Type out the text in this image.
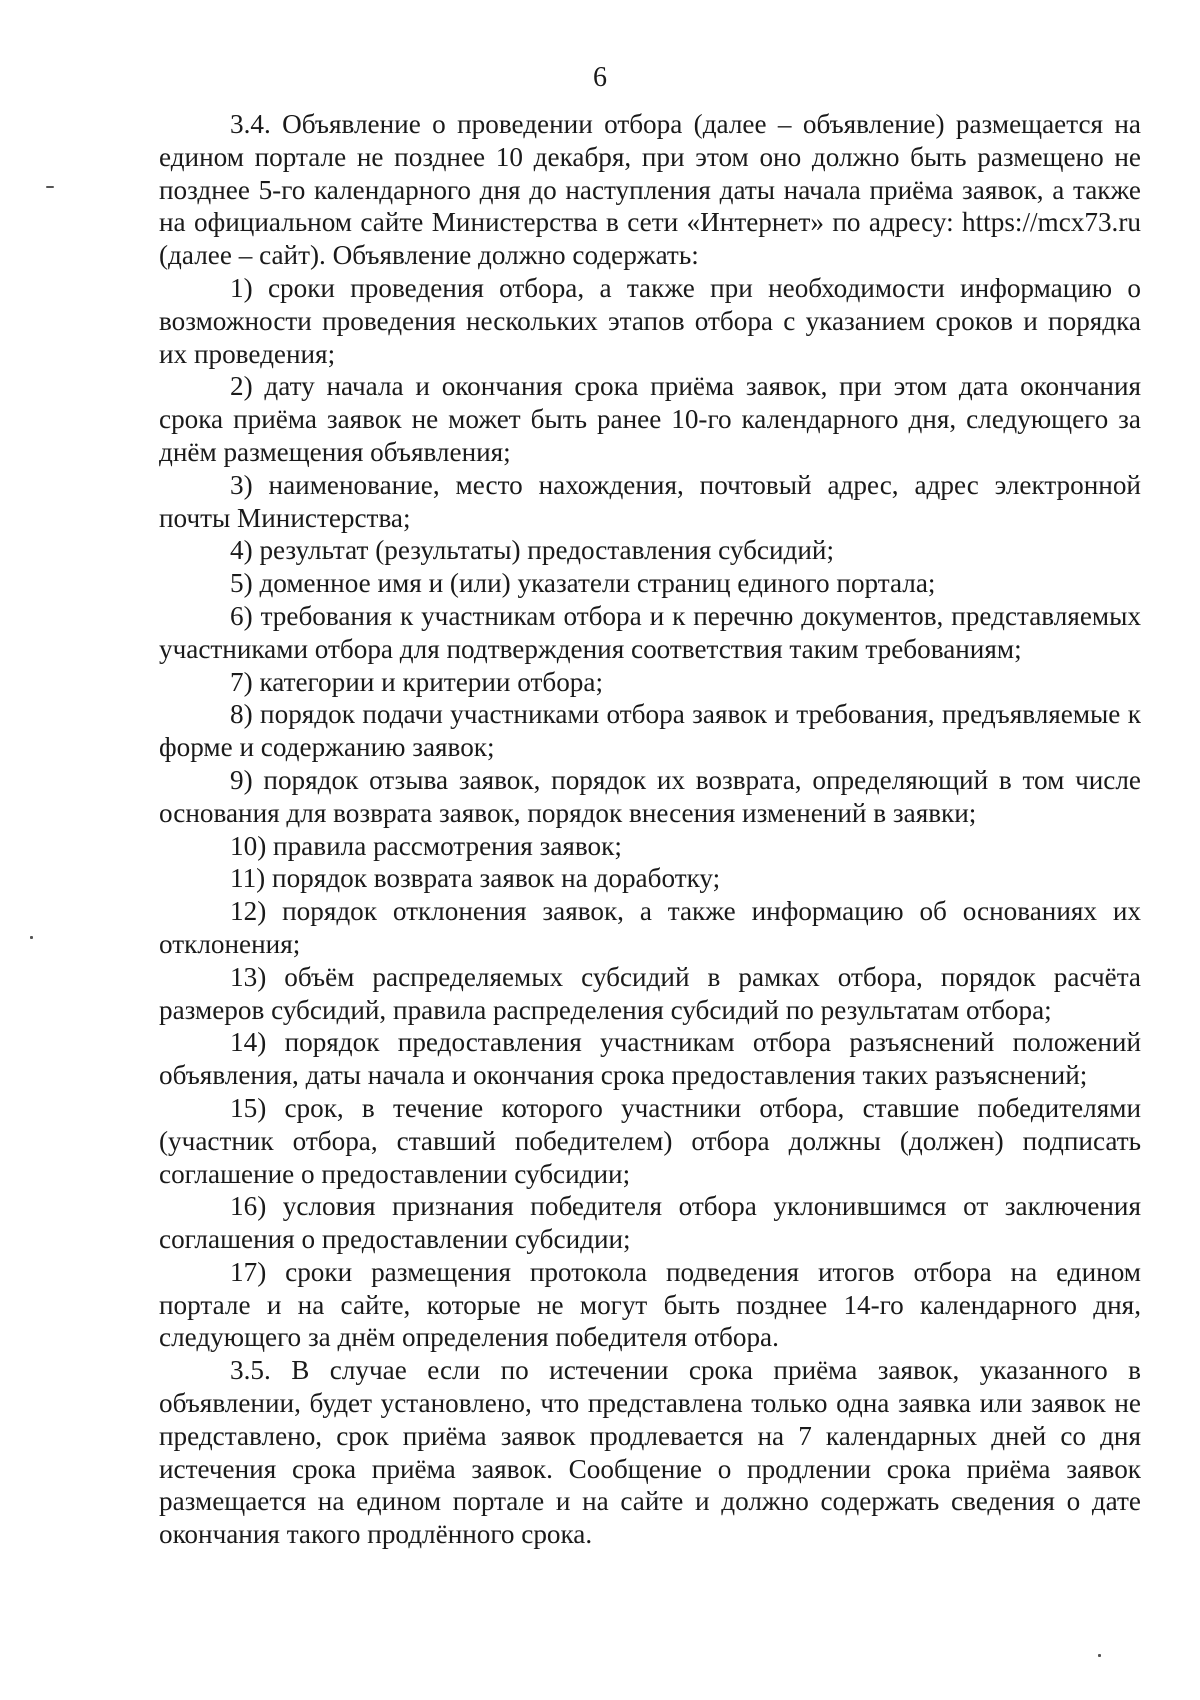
6

3.4. Объявление о проведении отбора (далее – объявление) размещается на едином портале не позднее 10 декабря, при этом оно должно быть размещено не позднее 5-го календарного дня до наступления даты начала приёма заявок, а также на официальном сайте Министерства в сети «Интернет» по адресу: https://mcx73.ru (далее – сайт). Объявление должно содержать:

1) сроки проведения отбора, а также при необходимости информацию о возможности проведения нескольких этапов отбора с указанием сроков и порядка их проведения;

2) дату начала и окончания срока приёма заявок, при этом дата окончания срока приёма заявок не может быть ранее 10-го календарного дня, следующего за днём размещения объявления;

3) наименование, место нахождения, почтовый адрес, адрес электронной почты Министерства;

4) результат (результаты) предоставления субсидий;

5) доменное имя и (или) указатели страниц единого портала;

6) требования к участникам отбора и к перечню документов, представляемых участниками отбора для подтверждения соответствия таким требованиям;

7) категории и критерии отбора;

8) порядок подачи участниками отбора заявок и требования, предъявляемые к форме и содержанию заявок;

9) порядок отзыва заявок, порядок их возврата, определяющий в том числе основания для возврата заявок, порядок внесения изменений в заявки;

10) правила рассмотрения заявок;

11) порядок возврата заявок на доработку;

12) порядок отклонения заявок, а также информацию об основаниях их отклонения;

13) объём распределяемых субсидий в рамках отбора, порядок расчёта размеров субсидий, правила распределения субсидий по результатам отбора;

14) порядок предоставления участникам отбора разъяснений положений объявления, даты начала и окончания срока предоставления таких разъяснений;

15) срок, в течение которого участники отбора, ставшие победителями (участник отбора, ставший победителем) отбора должны (должен) подписать соглашение о предоставлении субсидии;

16) условия признания победителя отбора уклонившимся от заключения соглашения о предоставлении субсидии;

17) сроки размещения протокола подведения итогов отбора на едином портале и на сайте, которые не могут быть позднее 14-го календарного дня, следующего за днём определения победителя отбора.

3.5. В случае если по истечении срока приёма заявок, указанного в объявлении, будет установлено, что представлена только одна заявка или заявок не представлено, срок приёма заявок продлевается на 7 календарных дней со дня истечения срока приёма заявок. Сообщение о продлении срока приёма заявок размещается на едином портале и на сайте и должно содержать сведения о дате окончания такого продлённого срока.
